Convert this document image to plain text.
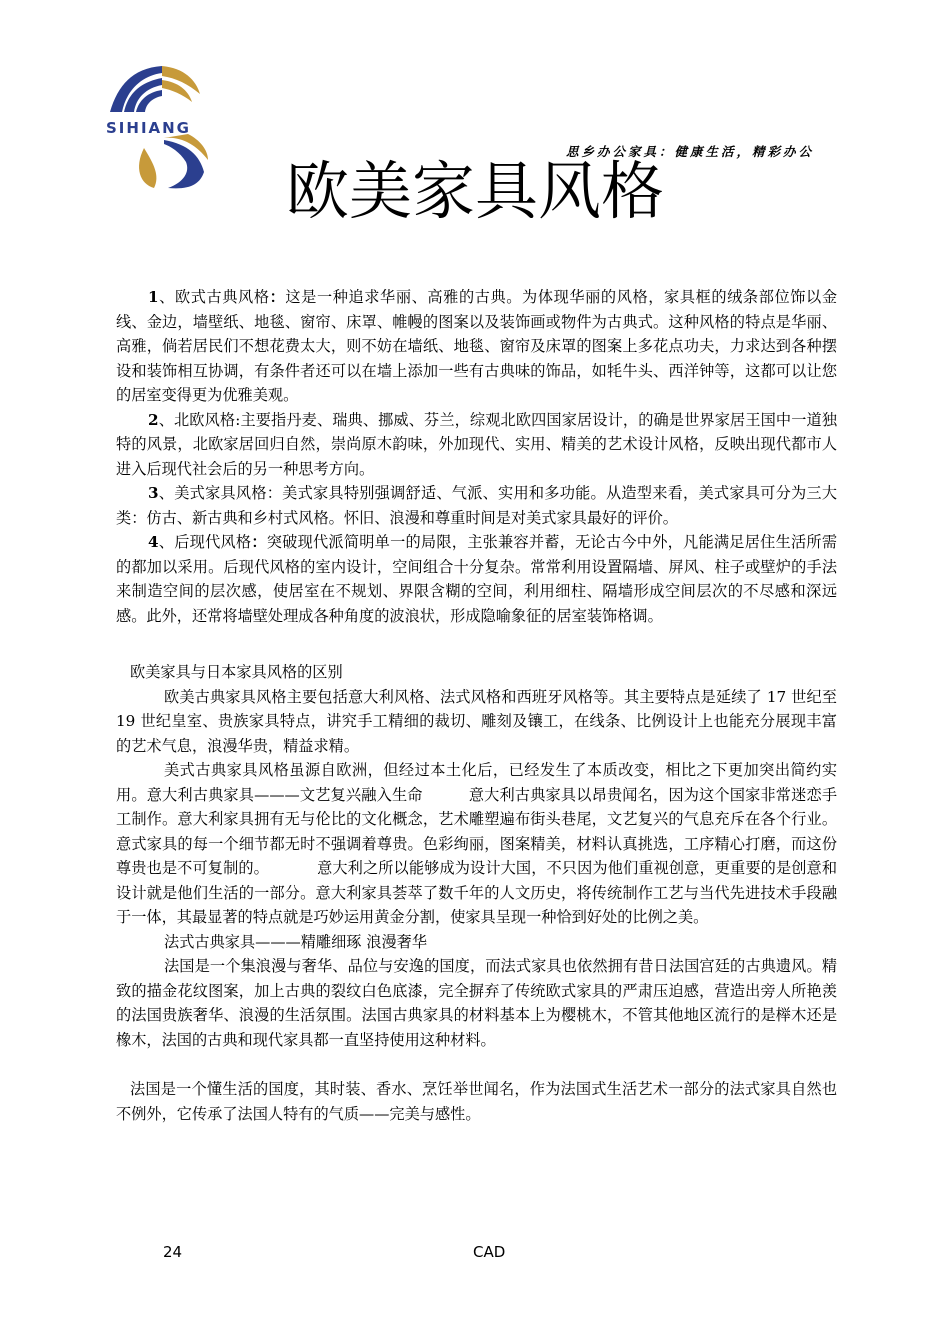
SIHIANG
思乡办公家具：健康生活，精彩办公
欧美家具风格

1、欧式古典风格：这是一种追求华丽、高雅的古典。为体现华丽的风格，家具框的绒条部位饰以金线、金边，墙壁纸、地毯、窗帘、床罩、帷幔的图案以及装饰画或物件为古典式。这种风格的特点是华丽、高雅，倘若居民们不想花费太大，则不妨在墙纸、地毯、窗帘及床罩的图案上多花点功夫，力求达到各种摆设和装饰相互协调，有条件者还可以在墙上添加一些有古典味的饰品，如牦牛头、西洋钟等，这都可以让您的居室变得更为优雅美观。

2、北欧风格:主要指丹麦、瑞典、挪威、芬兰，综观北欧四国家居设计，的确是世界家居王国中一道独特的风景，北欧家居回归自然，崇尚原木韵味，外加现代、实用、精美的艺术设计风格，反映出现代都市人进入后现代社会后的另一种思考方向。

3、美式家具风格：美式家具特别强调舒适、气派、实用和多功能。从造型来看，美式家具可分为三大类：仿古、新古典和乡村式风格。怀旧、浪漫和尊重时间是对美式家具最好的评价。

4、后现代风格：突破现代派简明单一的局限，主张兼容并蓄，无论古今中外，凡能满足居住生活所需的都加以采用。后现代风格的室内设计，空间组合十分复杂。常常利用设置隔墙、屏风、柱子或壁炉的手法来制造空间的层次感，使居室在不规划、界限含糊的空间，利用细柱、隔墙形成空间层次的不尽感和深远感。此外，还常将墙壁处理成各种角度的波浪状，形成隐喻象征的居室装饰格调。

欧美家具与日本家具风格的区别

欧美古典家具风格主要包括意大利风格、法式风格和西班牙风格等。其主要特点是延续了 17 世纪至 19 世纪皇室、贵族家具特点，讲究手工精细的裁切、雕刻及镶工，在线条、比例设计上也能充分展现丰富的艺术气息，浪漫华贵，精益求精。

美式古典家具风格虽源自欧洲，但经过本土化后，已经发生了本质改变，相比之下更加突出简约实用。意大利古典家具———文艺复兴融入生命	意大利古典家具以昂贵闻名，因为这个国家非常迷恋手工制作。意大利家具拥有无与伦比的文化概念，艺术雕塑遍布街头巷尾，文艺复兴的气息充斥在各个行业。意式家具的每一个细节都无时不强调着尊贵。色彩绚丽，图案精美，材料认真挑选，工序精心打磨，而这份尊贵也是不可复制的。	意大利之所以能够成为设计大国，不只因为他们重视创意，更重要的是创意和设计就是他们生活的一部分。意大利家具荟萃了数千年的人文历史，将传统制作工艺与当代先进技术手段融于一体，其最显著的特点就是巧妙运用黄金分割，使家具呈现一种恰到好处的比例之美。

法式古典家具———精雕细琢 浪漫奢华

法国是一个集浪漫与奢华、品位与安逸的国度，而法式家具也依然拥有昔日法国宫廷的古典遗风。精致的描金花纹图案，加上古典的裂纹白色底漆，完全摒弃了传统欧式家具的严肃压迫感，营造出旁人所艳羡的法国贵族奢华、浪漫的生活氛围。法国古典家具的材料基本上为樱桃木，不管其他地区流行的是榉木还是橡木，法国的古典和现代家具都一直坚持使用这种材料。

法国是一个懂生活的国度，其时装、香水、烹饪举世闻名，作为法国式生活艺术一部分的法式家具自然也不例外，它传承了法国人特有的气质——完美与感性。

24	CAD
